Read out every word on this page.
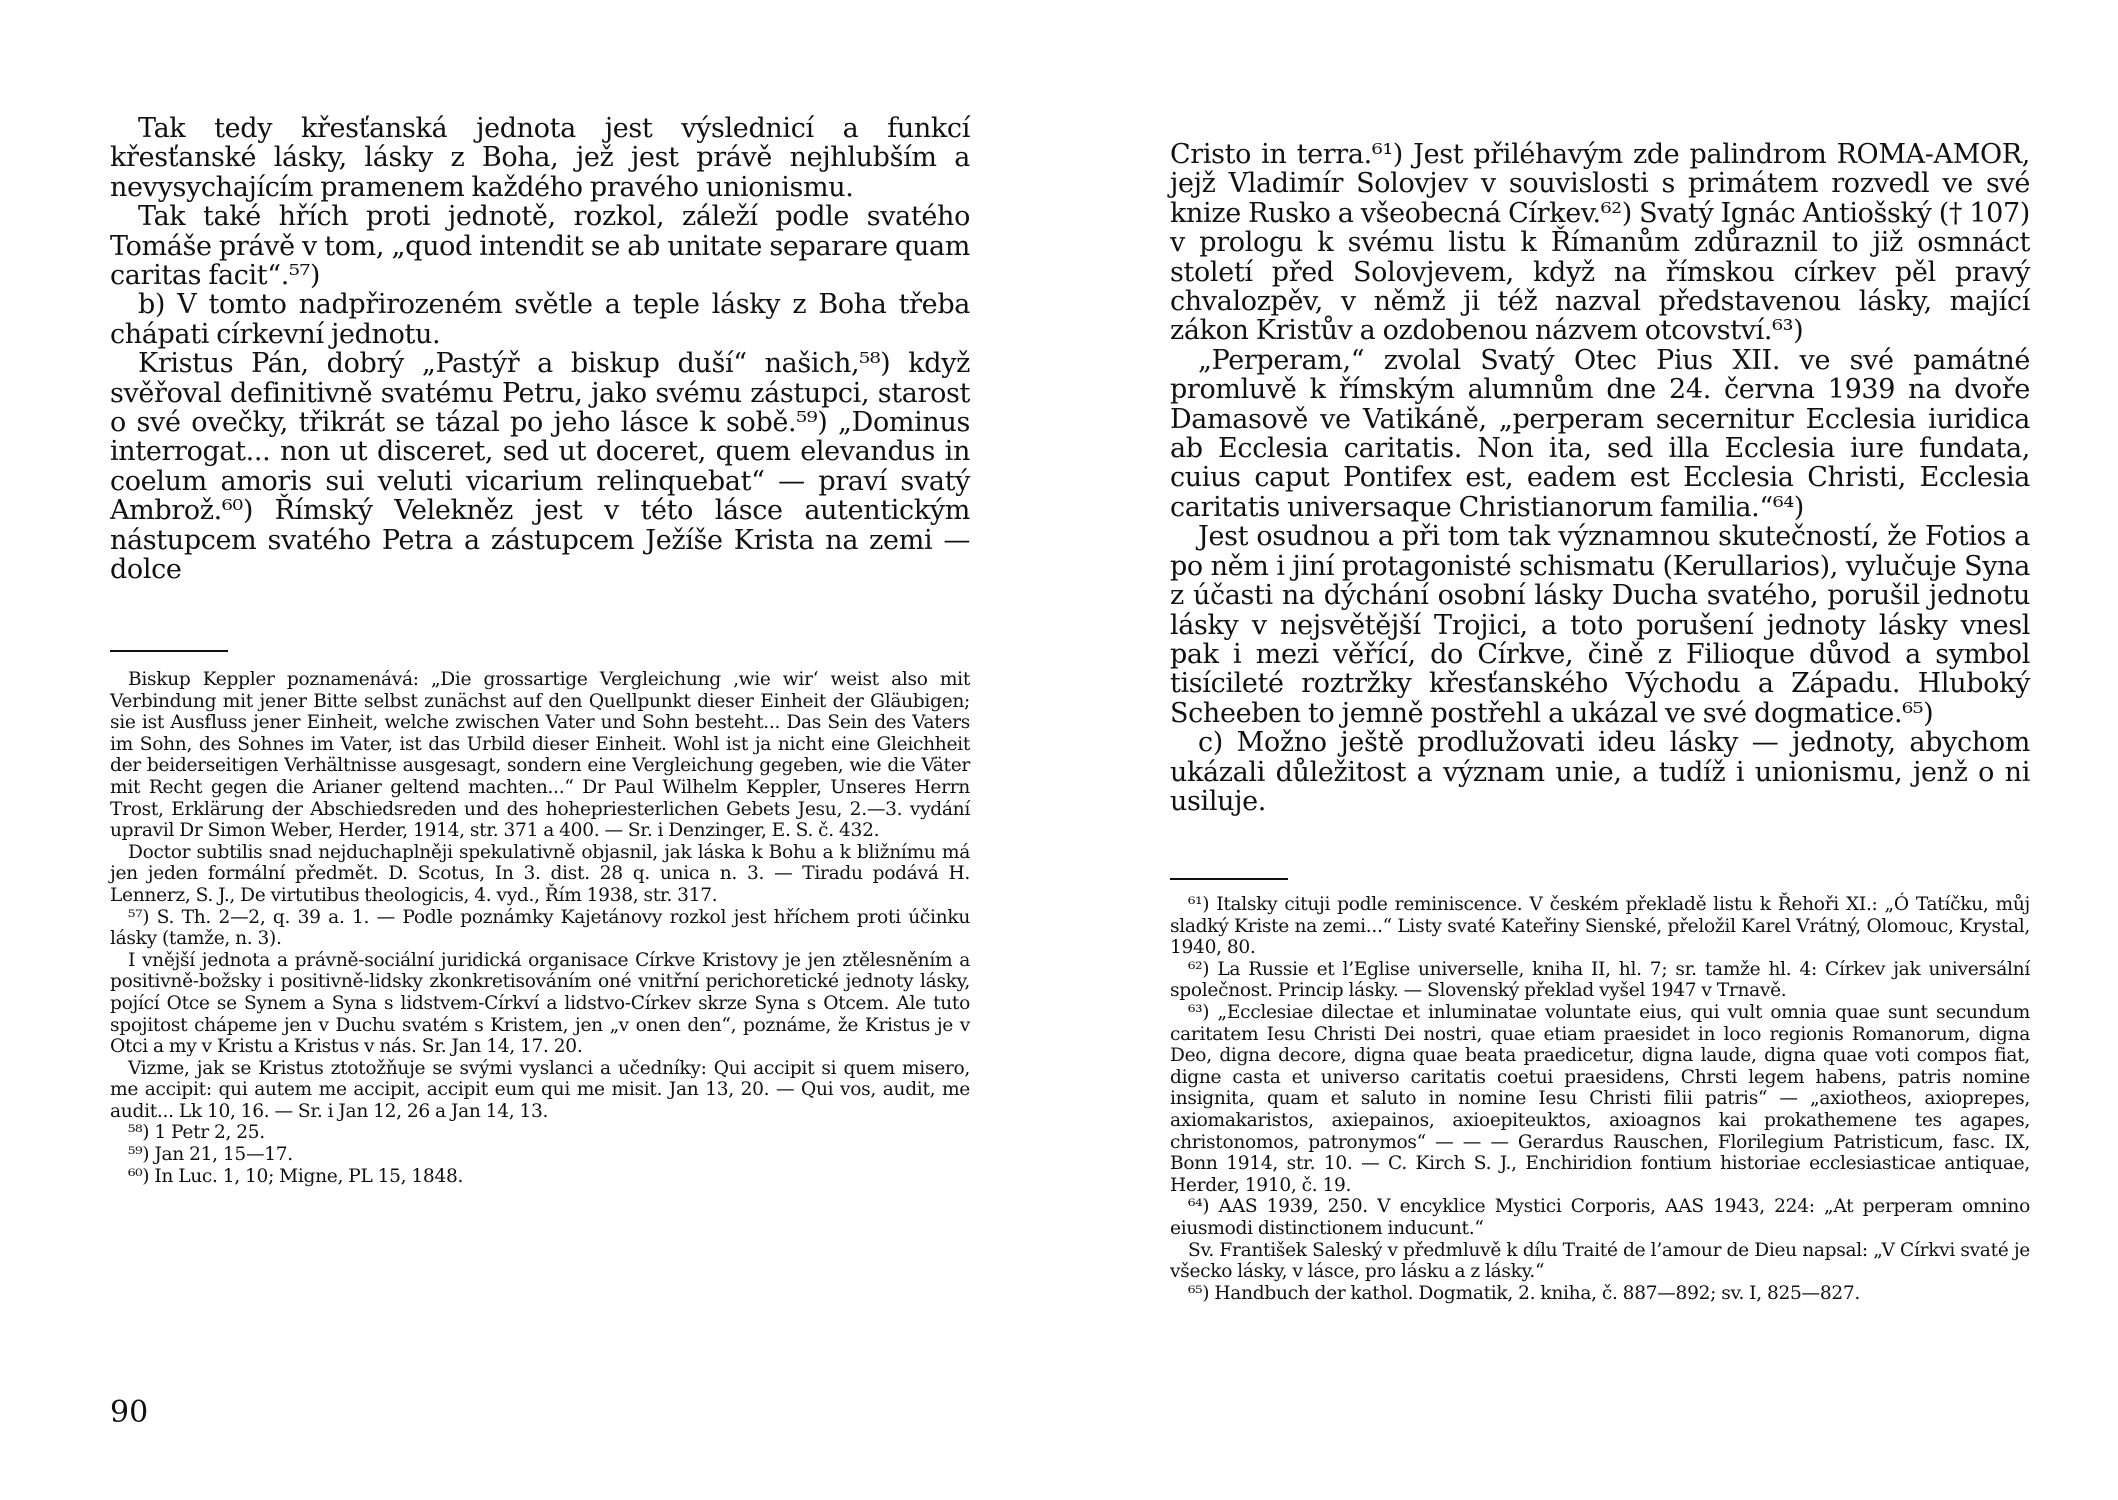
Tak tedy křesťanská jednota jest výslednicí a funkcí křesťanské lásky, lásky z Boha, jež jest právě nejhlubším a nevysychajícím pramenem každého pravého unionismu.

Tak také hřích proti jednotě, rozkol, záleží podle svatého Tomáše právě v tom, „quod intendit se ab unitate separare quam caritas facit“.⁵⁷)

b) V tomto nadpřirozeném světle a teple lásky z Boha třeba chápati církevní jednotu.

Kristus Pán, dobrý „Pastýř a biskup duší“ našich,⁵⁸) když svěřoval definitivně svatému Petru, jako svému zástupci, starost o své ovečky, třikrát se tázal po jeho lásce k sobě.⁵⁹) „Dominus interrogat... non ut disceret, sed ut doceret, quem elevandus in coelum amoris sui veluti vicarium relinquebat“ — praví svatý Ambrož.⁶⁰) Římský Velekněz jest v této lásce autentickým nástupcem svatého Petra a zástupcem Ježíše Krista na zemi — dolce

Biskup Keppler poznamenává: „Die grossartige Vergleichung ‚wie wir‘ weist also mit Verbindung mit jener Bitte selbst zunächst auf den Quellpunkt dieser Einheit der Gläubigen; sie ist Ausfluss jener Einheit, welche zwischen Vater und Sohn besteht... Das Sein des Vaters im Sohn, des Sohnes im Vater, ist das Urbild dieser Einheit. Wohl ist ja nicht eine Gleichheit der beiderseitigen Verhältnisse ausgesagt, sondern eine Vergleichung gegeben, wie die Väter mit Recht gegen die Arianer geltend machten...“ Dr Paul Wilhelm Keppler, Unseres Herrn Trost, Erklärung der Abschiedsreden und des hohepriesterlichen Gebets Jesu, 2.—3. vydání upravil Dr Simon Weber, Herder, 1914, str. 371 a 400. — Sr. i Denzinger, E. S. č. 432.

Doctor subtilis snad nejduchaplněji spekulativně objasnil, jak láska k Bohu a k bližnímu má jen jeden formální předmět. D. Scotus, In 3. dist. 28 q. unica n. 3. — Tiradu podává H. Lennerz, S. J., De virtutibus theologicis, 4. vyd., Řím 1938, str. 317.

⁵⁷) S. Th. 2—2, q. 39 a. 1. — Podle poznámky Kajetánovy rozkol jest hříchem proti účinku lásky (tamže, n. 3).

I vnější jednota a právně-sociální juridická organisace Církve Kristovy je jen ztělesněním a positivně-božsky i positivně-lidsky zkonkretisováním oné vnitřní perichoretické jednoty lásky, pojící Otce se Synem a Syna s lidstvem-Církví a lidstvo-Církev skrze Syna s Otcem. Ale tuto spojitost chápeme jen v Duchu svatém s Kristem, jen „v onen den“, poznáme, že Kristus je v Otci a my v Kristu a Kristus v nás. Sr. Jan 14, 17. 20.

Vizme, jak se Kristus ztotožňuje se svými vyslanci a učedníky: Qui accipit si quem misero, me accipit: qui autem me accipit, accipit eum qui me misit. Jan 13, 20. — Qui vos, audit, me audit... Lk 10, 16. — Sr. i Jan 12, 26 a Jan 14, 13.

⁵⁸) 1 Petr 2, 25.

⁵⁹) Jan 21, 15—17.

⁶⁰) In Luc. 1, 10; Migne, PL 15, 1848.

90

Cristo in terra.⁶¹) Jest přiléhavým zde palindrom ROMA-AMOR, jejž Vladimír Solovjev v souvislosti s primátem rozvedl ve své knize Rusko a všeobecná Církev.⁶²) Svatý Ignác Antiošský († 107) v prologu k svému listu k Římanům zdůraznil to již osmnáct století před Solovjevem, když na římskou církev pěl pravý chvalozpěv, v němž ji též nazval představenou lásky, mající zákon Kristův a ozdobenou názvem otcovství.⁶³)

„Perperam,“ zvolal Svatý Otec Pius XII. ve své památné promluvě k římským alumnům dne 24. června 1939 na dvoře Damasově ve Vatikáně, „perperam secernitur Ecclesia iuridica ab Ecclesia caritatis. Non ita, sed illa Ecclesia iure fundata, cuius caput Pontifex est, eadem est Ecclesia Christi, Ecclesia caritatis universaque Christianorum familia.“⁶⁴)

Jest osudnou a při tom tak významnou skutečností, že Fotios a po něm i jiní protagonisté schismatu (Kerullarios), vylučuje Syna z účasti na dýchání osobní lásky Ducha svatého, porušil jednotu lásky v nejsvětější Trojici, a toto porušení jednoty lásky vnesl pak i mezi věřící, do Církve, čině z Filioque důvod a symbol tisícileté roztržky křesťanského Východu a Západu. Hluboký Scheeben to jemně postřehl a ukázal ve své dogmatice.⁶⁵)

c) Možno ještě prodlužovati ideu lásky — jednoty, abychom ukázali důležitost a význam unie, a tudíž i unionismu, jenž o ni usiluje.

⁶¹) Italsky cituji podle reminiscence. V českém překladě listu k Řehoři XI.: „Ó Tatíčku, můj sladký Kriste na zemi...“ Listy svaté Kateřiny Sienské, přeložil Karel Vrátný, Olomouc, Krystal, 1940, 80.

⁶²) La Russie et l’Eglise universelle, kniha II, hl. 7; sr. tamže hl. 4: Církev jak universální společnost. Princip lásky. — Slovenský překlad vyšel 1947 v Trnavě.

⁶³) „Ecclesiae dilectae et inluminatae voluntate eius, qui vult omnia quae sunt secundum caritatem Iesu Christi Dei nostri, quae etiam praesidet in loco regionis Romanorum, digna Deo, digna decore, digna quae beata praedicetur, digna laude, digna quae voti compos fiat, digne casta et universo caritatis coetui praesidens, Chrsti legem habens, patris nomine insignita, quam et saluto in nomine Iesu Christi filii patris“ — „axiotheos, axioprepes, axiomakaristos, axiepainos, axioepiteuktos, axioagnos kai prokathemene tes agapes, christonomos, patronymos“ — — — Gerardus Rauschen, Florilegium Patristicum, fasc. IX, Bonn 1914, str. 10. — C. Kirch S. J., Enchiridion fontium historiae ecclesiasticae antiquae, Herder, 1910, č. 19.

⁶⁴) AAS 1939, 250. V encyklice Mystici Corporis, AAS 1943, 224: „At perperam omnino eiusmodi distinctionem inducunt.“

Sv. František Saleský v předmluvě k dílu Traité de l’amour de Dieu napsal: „V Církvi svaté je všecko lásky, v lásce, pro lásku a z lásky.“

⁶⁵) Handbuch der kathol. Dogmatik, 2. kniha, č. 887—892; sv. I, 825—827.
